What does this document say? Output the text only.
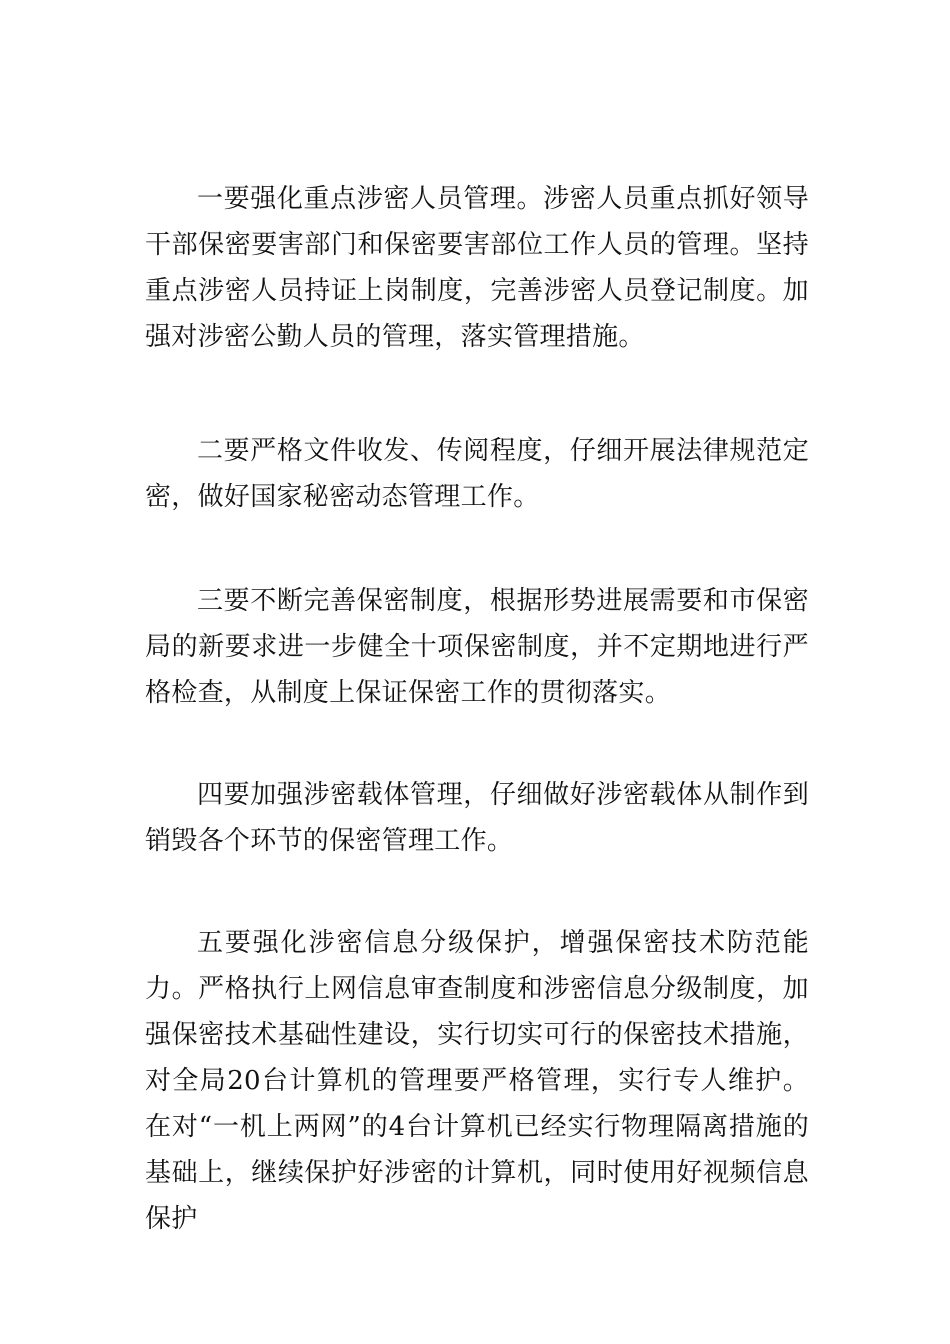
一要强化重点涉密人员管理。涉密人员重点抓好领导干部保密要害部门和保密要害部位工作人员的管理。坚持重点涉密人员持证上岗制度，完善涉密人员登记制度。加强对涉密公勤人员的管理，落实管理措施。

二要严格文件收发、传阅程度，仔细开展法律规范定密，做好国家秘密动态管理工作。

三要不断完善保密制度，根据形势进展需要和市保密局的新要求进一步健全十项保密制度，并不定期地进行严格检查，从制度上保证保密工作的贯彻落实。

四要加强涉密载体管理，仔细做好涉密载体从制作到销毁各个环节的保密管理工作。

五要强化涉密信息分级保护，增强保密技术防范能力。严格执行上网信息审查制度和涉密信息分级制度，加强保密技术基础性建设，实行切实可行的保密技术措施，对全局20台计算机的管理要严格管理，实行专人维护。在对“一机上两网”的4台计算机已经实行物理隔离措施的基础上，继续保护好涉密的计算机，同时使用好视频信息保护
